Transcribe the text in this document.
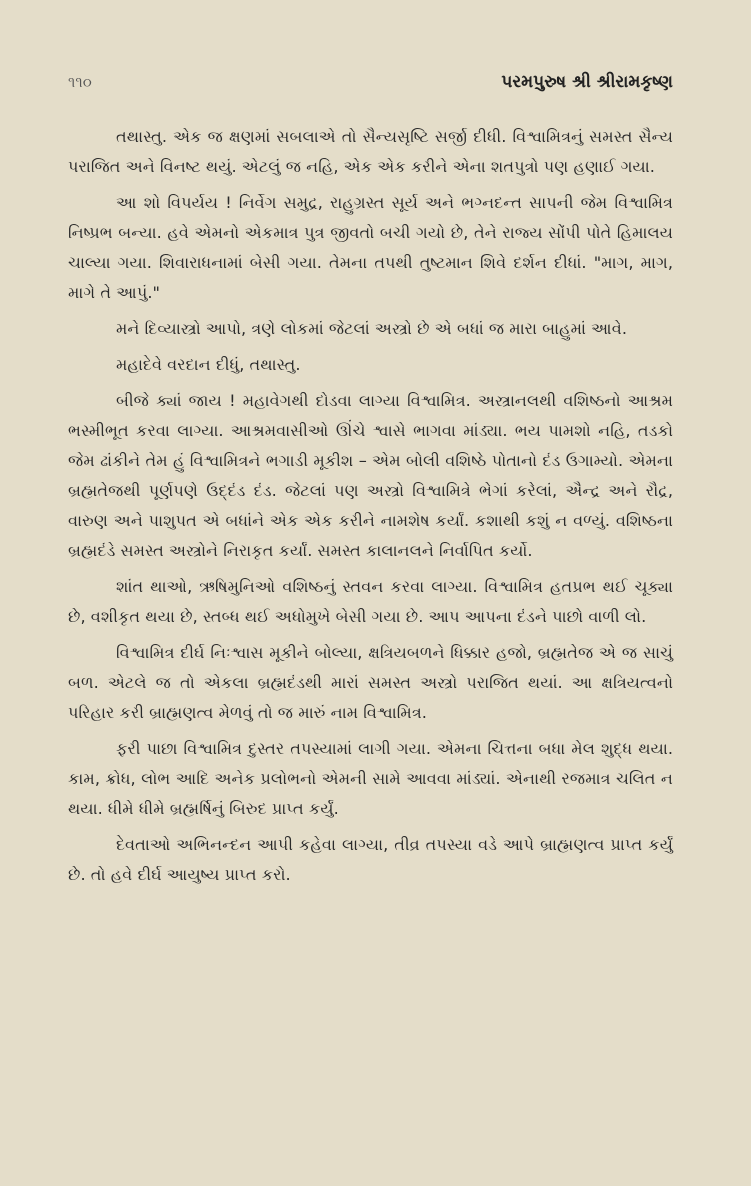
૧૧૦	પરમપુરુષ શ્રી શ્રીરામકૃષ્ણ

તથાસ્તુ. એક જ ક્ષણમાં સબલાએ તો સૈન્યસૃષ્ટિ સર્જી દીધી. વિશ્વામિત્રનું સમસ્ત સૈન્ય પરાજિત અને વિનષ્ટ થયું. એટલું જ નહિ, એક એક કરીને એના શતપુત્રો પણ હણાઈ ગયા.

આ શો વિપર્યય ! નિર્વેગ સમુદ્ર, રાહુગ્રસ્ત સૂર્ય અને ભગ્નદન્ત સાપની જેમ વિશ્વામિત્ર નિષ્પ્રભ બન્યા. હવે એમનો એકમાત્ર પુત્ર જીવતો બચી ગયો છે, તેને રાજ્ય સોંપી પોતે હિમાલય ચાલ્યા ગયા. શિવારાધનામાં બેસી ગયા. તેમના તપથી તુષ્ટમાન શિવે દર્શન દીધાં. "માગ, માગ, માગે તે આપું."

મને દિવ્યાસ્ત્રો આપો, ત્રણે લોકમાં જેટલાં અસ્ત્રો છે એ બધાં જ મારા બાહુમાં આવે.

મહાદેવે વરદાન દીધું, તથાસ્તુ.

બીજે ક્યાં જાય ! મહાવેગથી દોડવા લાગ્યા વિશ્વામિત્ર. અસ્ત્રાનલથી વશિષ્ઠનો આશ્રમ ભસ્મીભૂત કરવા લાગ્યા. આશ્રમવાસીઓ ઊંચે શ્વાસે ભાગવા માંડ્યા. ભય પામશો નહિ, તડકો જેમ ઢાંકીને તેમ હું વિશ્વામિત્રને ભગાડી મૂકીશ – એમ બોલી વશિષ્ઠે પોતાનો દંડ ઉગામ્યો. એમના બ્રહ્મતેજથી પૂર્ણપણે ઉદ્દંડ દંડ. જેટલાં પણ અસ્ત્રો વિશ્વામિત્રે ભેગાં કરેલાં, ઐન્દ્ર અને રૌદ્ર, વારુણ અને પાશુપત એ બધાંને એક એક કરીને નામશેષ કર્યાં. કશાથી કશું ન વળ્યું. વશિષ્ઠના બ્રહ્મદંડે સમસ્ત અસ્ત્રોને નિરાકૃત કર્યાં. સમસ્ત કાલાનલને નિર્વાપિત કર્યો.

શાંત થાઓ, ઋષિમુનિઓ વશિષ્ઠનું સ્તવન કરવા લાગ્યા. વિશ્વામિત્ર હતપ્રભ થઈ ચૂક્યા છે, વશીકૃત થયા છે, સ્તબ્ધ થઈ અધોમુખે બેસી ગયા છે. આપ આપના દંડને પાછો વાળી લો.

વિશ્વામિત્ર દીર્ઘ નિઃશ્વાસ મૂકીને બોલ્યા, ક્ષત્રિયબળને ધિક્કાર હજો, બ્રહ્મતેજ એ જ સાચું બળ. એટલે જ તો એકલા બ્રહ્મદંડથી મારાં સમસ્ત અસ્ત્રો પરાજિત થયાં. આ ક્ષત્રિયત્વનો પરિહાર કરી બ્રાહ્મણત્વ મેળવું તો જ મારું નામ વિશ્વામિત્ર.

ફરી પાછા વિશ્વામિત્ર દુસ્તર તપસ્યામાં લાગી ગયા. એમના ચિત્તના બધા મેલ શુદ્ધ થયા. કામ, ક્રોધ, લોભ આદિ અનેક પ્રલોભનો એમની સામે આવવા માંડ્યાં. એનાથી રજમાત્ર ચલિત ન થયા. ધીમે ધીમે બ્રહ્મર્ષિનું બિરુદ પ્રાપ્ત કર્યું.

દેવતાઓ અભિનન્દન આપી કહેવા લાગ્યા, તીવ્ર તપસ્યા વડે આપે બ્રાહ્મણત્વ પ્રાપ્ત કર્યું છે. તો હવે દીર્ઘ આયુષ્ય પ્રાપ્ત કરો.
